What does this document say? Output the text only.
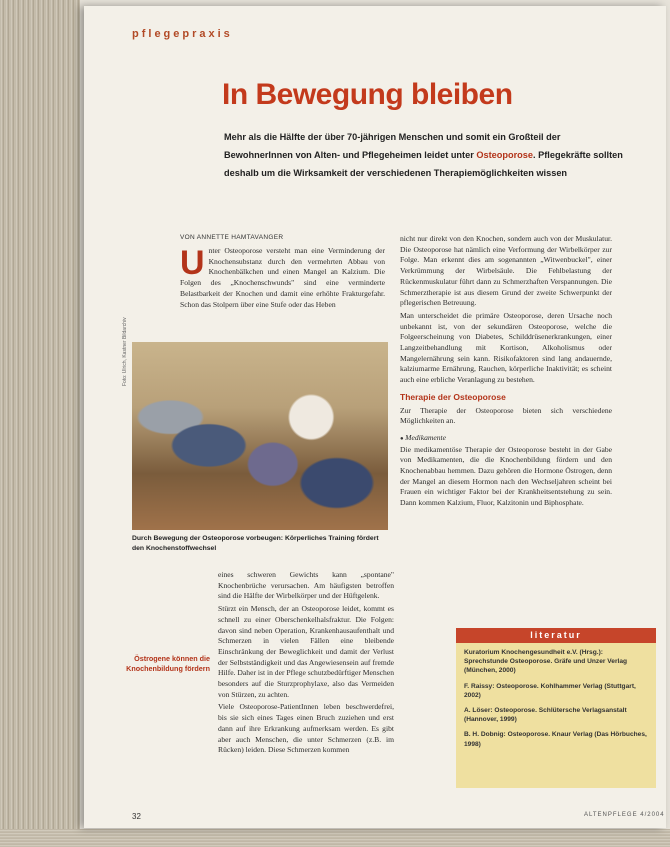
pflegepraxis
In Bewegung bleiben
Mehr als die Hälfte der über 70-jährigen Menschen und somit ein Großteil der BewohnerInnen von Alten- und Pflegeheimen leidet unter Osteoporose. Pflegekräfte sollten deshalb um die Wirksamkeit der verschiedenen Therapiemöglichkeiten wissen
VON ANNETTE HAMTAVANGER
U nter Osteoporose versteht man eine Verminderung der Knochensubstanz durch den vermehrten Abbau von Knochenbälkchen und einen Mangel an Kalzium. Die Folgen des „Knochenschwunds" sind eine verminderte Belastbarkeit der Knochen und damit eine erhöhte Frakturgefahr. Schon das Stolpern über eine Stufe oder das Heben
Foto: Ulrich, Kastner Bildarchiv
Durch Bewegung der Osteoporose vorbeugen: Körperliches Training fördert den Knochenstoffwechsel

eines schweren Gewichts kann „spontane" Knochenbrüche verursachen. Am häufigsten betroffen sind die Hälfte der Wirbelkörper und der Hüftgelenk.

Stürzt ein Mensch, der an Osteoporose leidet, kommt es schnell zu einer Oberschenkelhalsfraktur. Die Folgen: davon sind neben Operation, Krankenhausaufenthalt und Schmerzen in vielen Fällen eine bleibende Einschränkung der Beweglichkeit und damit der Verlust der Selbstständigkeit und das Angewiesensein auf fremde Hilfe. Daher ist in der Pflege schutzbedürftiger Menschen besonders auf die Sturzprophylaxe, also das Vermeiden von Stürzen, zu achten.

Viele Osteoporose-PatientInnen leben beschwerdefrei, bis sie sich eines Tages einen Bruch zuziehen und erst dann auf ihre Erkrankung aufmerksam werden. Es gibt aber auch Menschen, die unter Schmerzen (z.B. im Rücken) leiden. Diese Schmerzen kommen

Östrogene können die Knochenbildung fördern

nicht nur direkt von den Knochen, sondern auch von der Muskulatur. Die Osteoporose hat nämlich eine Verformung der Wirbelkörper zur Folge. Man erkennt dies am sogenannten „Witwenbuckel", einer Verkrümmung der Wirbelsäule. Die Fehlbelastung der Rückenmuskulatur führt dann zu Schmerzhaften Verspannungen. Die Schmerztherapie ist aus diesem Grund der zweite Schwerpunkt der pflegerischen Betreuung.

Man unterscheidet die primäre Osteoporose, deren Ursache noch unbekannt ist, von der sekundären Osteoporose, welche die Folgeerscheinung von Diabetes, Schilddrüsenerkrankungen, einer Langzeitbehandlung mit Kortison, Alkoholismus oder Mangelernährung sein kann. Risikofaktoren sind lang andauernde, kalziumarme Ernährung, Rauchen, körperliche Inaktivität; es scheint auch eine erbliche Veranlagung zu bestehen.

Therapie der Osteoporose

Zur Therapie der Osteoporose bieten sich verschiedene Möglichkeiten an.

● Medikamente

Die medikamentöse Therapie der Osteoporose besteht in der Gabe von Medikamenten, die die Knochenbildung fördern und den Knochenabbau hemmen. Dazu gehören die Hormone Östrogen, denn der Mangel an diesem Hormon nach den Wechseljahren scheint bei Frauen ein wichtiger Faktor bei der Krankheitsentstehung zu sein. Dann kommen Kalzium, Fluor, Kalzitonin und Biphosphate.

literatur
Kuratorium Knochengesundheit e.V. (Hrsg.): Sprechstunde Osteoporose. Gräfe und Unzer Verlag (München, 2000)
F. Raissy: Osteoporose. Kohlhammer Verlag (Stuttgart, 2002)
A. Löser: Osteoporose. Schlütersche Verlagsanstalt (Hannover, 1999)
B. H. Dobnig: Osteoporose. Knaur Verlag (Das Hörbuches, 1998)
32	ALTENPFLEGE 4/2004
